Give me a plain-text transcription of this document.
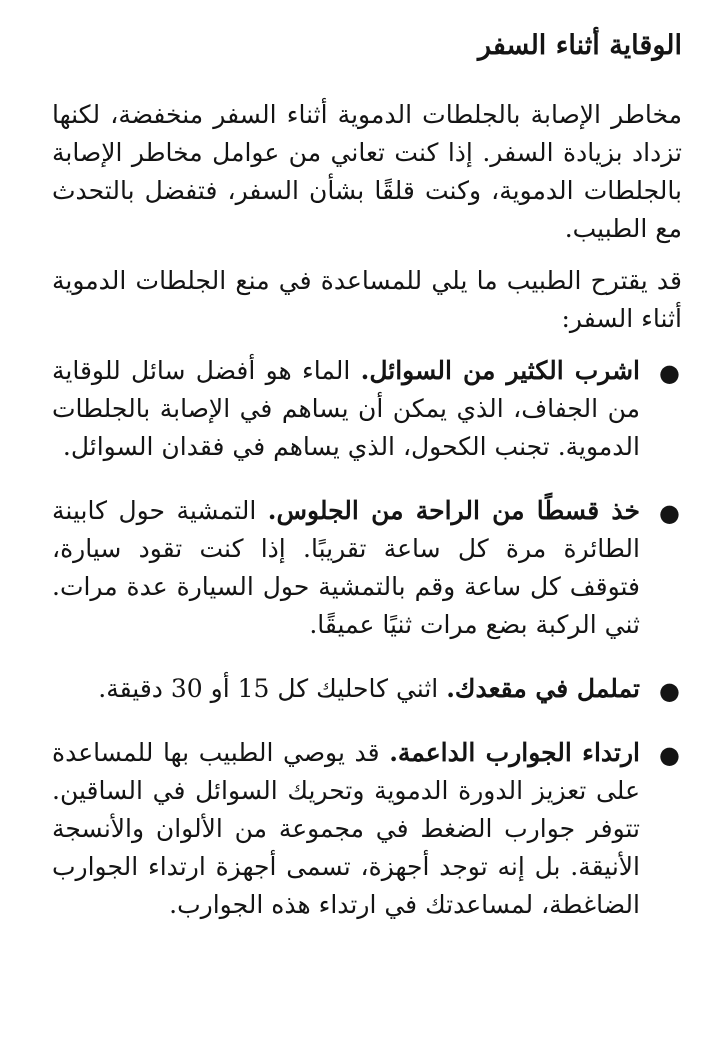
الوقاية أثناء السفر

مخاطر الإصابة بالجلطات الدموية أثناء السفر منخفضة، لكنها تزداد بزيادة السفر. إذا كنت تعاني من عوامل مخاطر الإصابة بالجلطات الدموية، وكنت قلقًا بشأن السفر، فتفضل بالتحدث مع الطبيب.

قد يقترح الطبيب ما يلي للمساعدة في منع الجلطات الدموية أثناء السفر:

●
اشرب الكثير من السوائل. الماء هو أفضل سائل للوقاية من الجفاف، الذي يمكن أن يساهم في الإصابة بالجلطات الدموية. تجنب الكحول، الذي يساهم في فقدان السوائل.
●
خذ قسطًا من الراحة من الجلوس. التمشية حول كابينة الطائرة مرة كل ساعة تقريبًا. إذا كنت تقود سيارة، فتوقف كل ساعة وقم بالتمشية حول السيارة عدة مرات. ثني الركبة بضع مرات ثنيًا عميقًا.
●
تململ في مقعدك. اثني كاحليك كل 15 أو 30 دقيقة.
●
ارتداء الجوارب الداعمة. قد يوصي الطبيب بها للمساعدة على تعزيز الدورة الدموية وتحريك السوائل في الساقين. تتوفر جوارب الضغط في مجموعة من الألوان والأنسجة الأنيقة. بل إنه توجد أجهزة، تسمى أجهزة ارتداء الجوارب الضاغطة، لمساعدتك في ارتداء هذه الجوارب.
